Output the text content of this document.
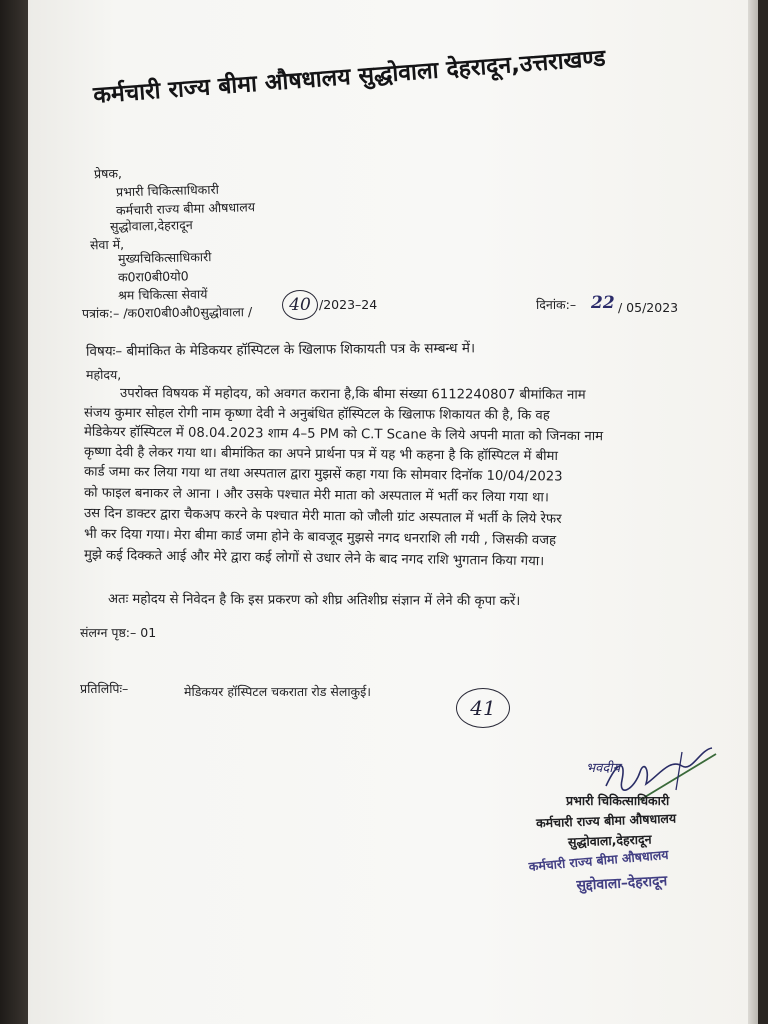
कर्मचारी राज्य बीमा औषधालय सुद्धोवाला देहरादून,उत्तराखण्ड
प्रेषक,
प्रभारी चिकित्साधिकारी
कर्मचारी राज्य बीमा औषधालय
सुद्धोवाला,देहरादून
सेवा में,
मुख्यचिकित्साधिकारी
क0रा0बी0यो0
श्रम चिकित्सा सेवायें
पत्रांक:– /क0रा0बी0औ0सुद्धोवाला /	40 /2023–24	दिनांक:– 22 / 05/2023
विषयः– बीमांकित के मेडिकयर हॉस्पिटल के खिलाफ शिकायती पत्र के सम्बन्ध में।
महोदय,
उपरोक्त विषयक में महोदय, को अवगत कराना है,कि बीमा संख्या 6112240807 बीमांकित नाम
संजय कुमार सोहल रोगी नाम कृष्णा देवी ने अनुबंधित हॉस्पिटल के खिलाफ शिकायत की है, कि वह
मेडिकेयर हॉस्पिटल में 08.04.2023 शाम 4–5 PM को C.T Scane के लिये अपनी माता को जिनका नाम
कृष्णा देवी है लेकर गया था। बीमांकित का अपने प्रार्थना पत्र में यह भी कहना है कि हॉस्पिटल में बीमा
कार्ड जमा कर लिया गया था तथा अस्पताल द्वारा मुझसें कहा गया कि सोमवार दिनॉक 10/04/2023
को फाइल बनाकर ले आना । और उसके पश्चात मेरी माता को अस्पताल में भर्ती कर लिया गया था।
उस दिन डाक्टर द्वारा चैकअप करने के पश्चात मेरी माता को जौली ग्रांट अस्पताल में भर्ती के लिये रेफर
भी कर दिया गया। मेरा बीमा कार्ड जमा होने के बावजूद मुझसे नगद धनराशि ली गयी , जिसकी वजह
मुझे कई दिक्कते आई और मेरे द्वारा कई लोगों से उधार लेने के बाद नगद राशि भुगतान किया गया।
अतः महोदय से निवेदन है कि इस प्रकरण को शीघ्र अतिशीघ्र संज्ञान में लेने की कृपा करें।
संलग्न पृष्ठ:– 01
प्रतिलिपिः–	मेडिकयर हॉस्पिटल चकराता रोड सेलाकुई।
41
भवदीय
प्रभारी चिकित्साधिकारी
कर्मचारी राज्य बीमा औषधालय
सुद्धोवाला,देहरादून
कर्मचारी राज्य बीमा औषधालय
सुद्दोवाला–देहरादून
